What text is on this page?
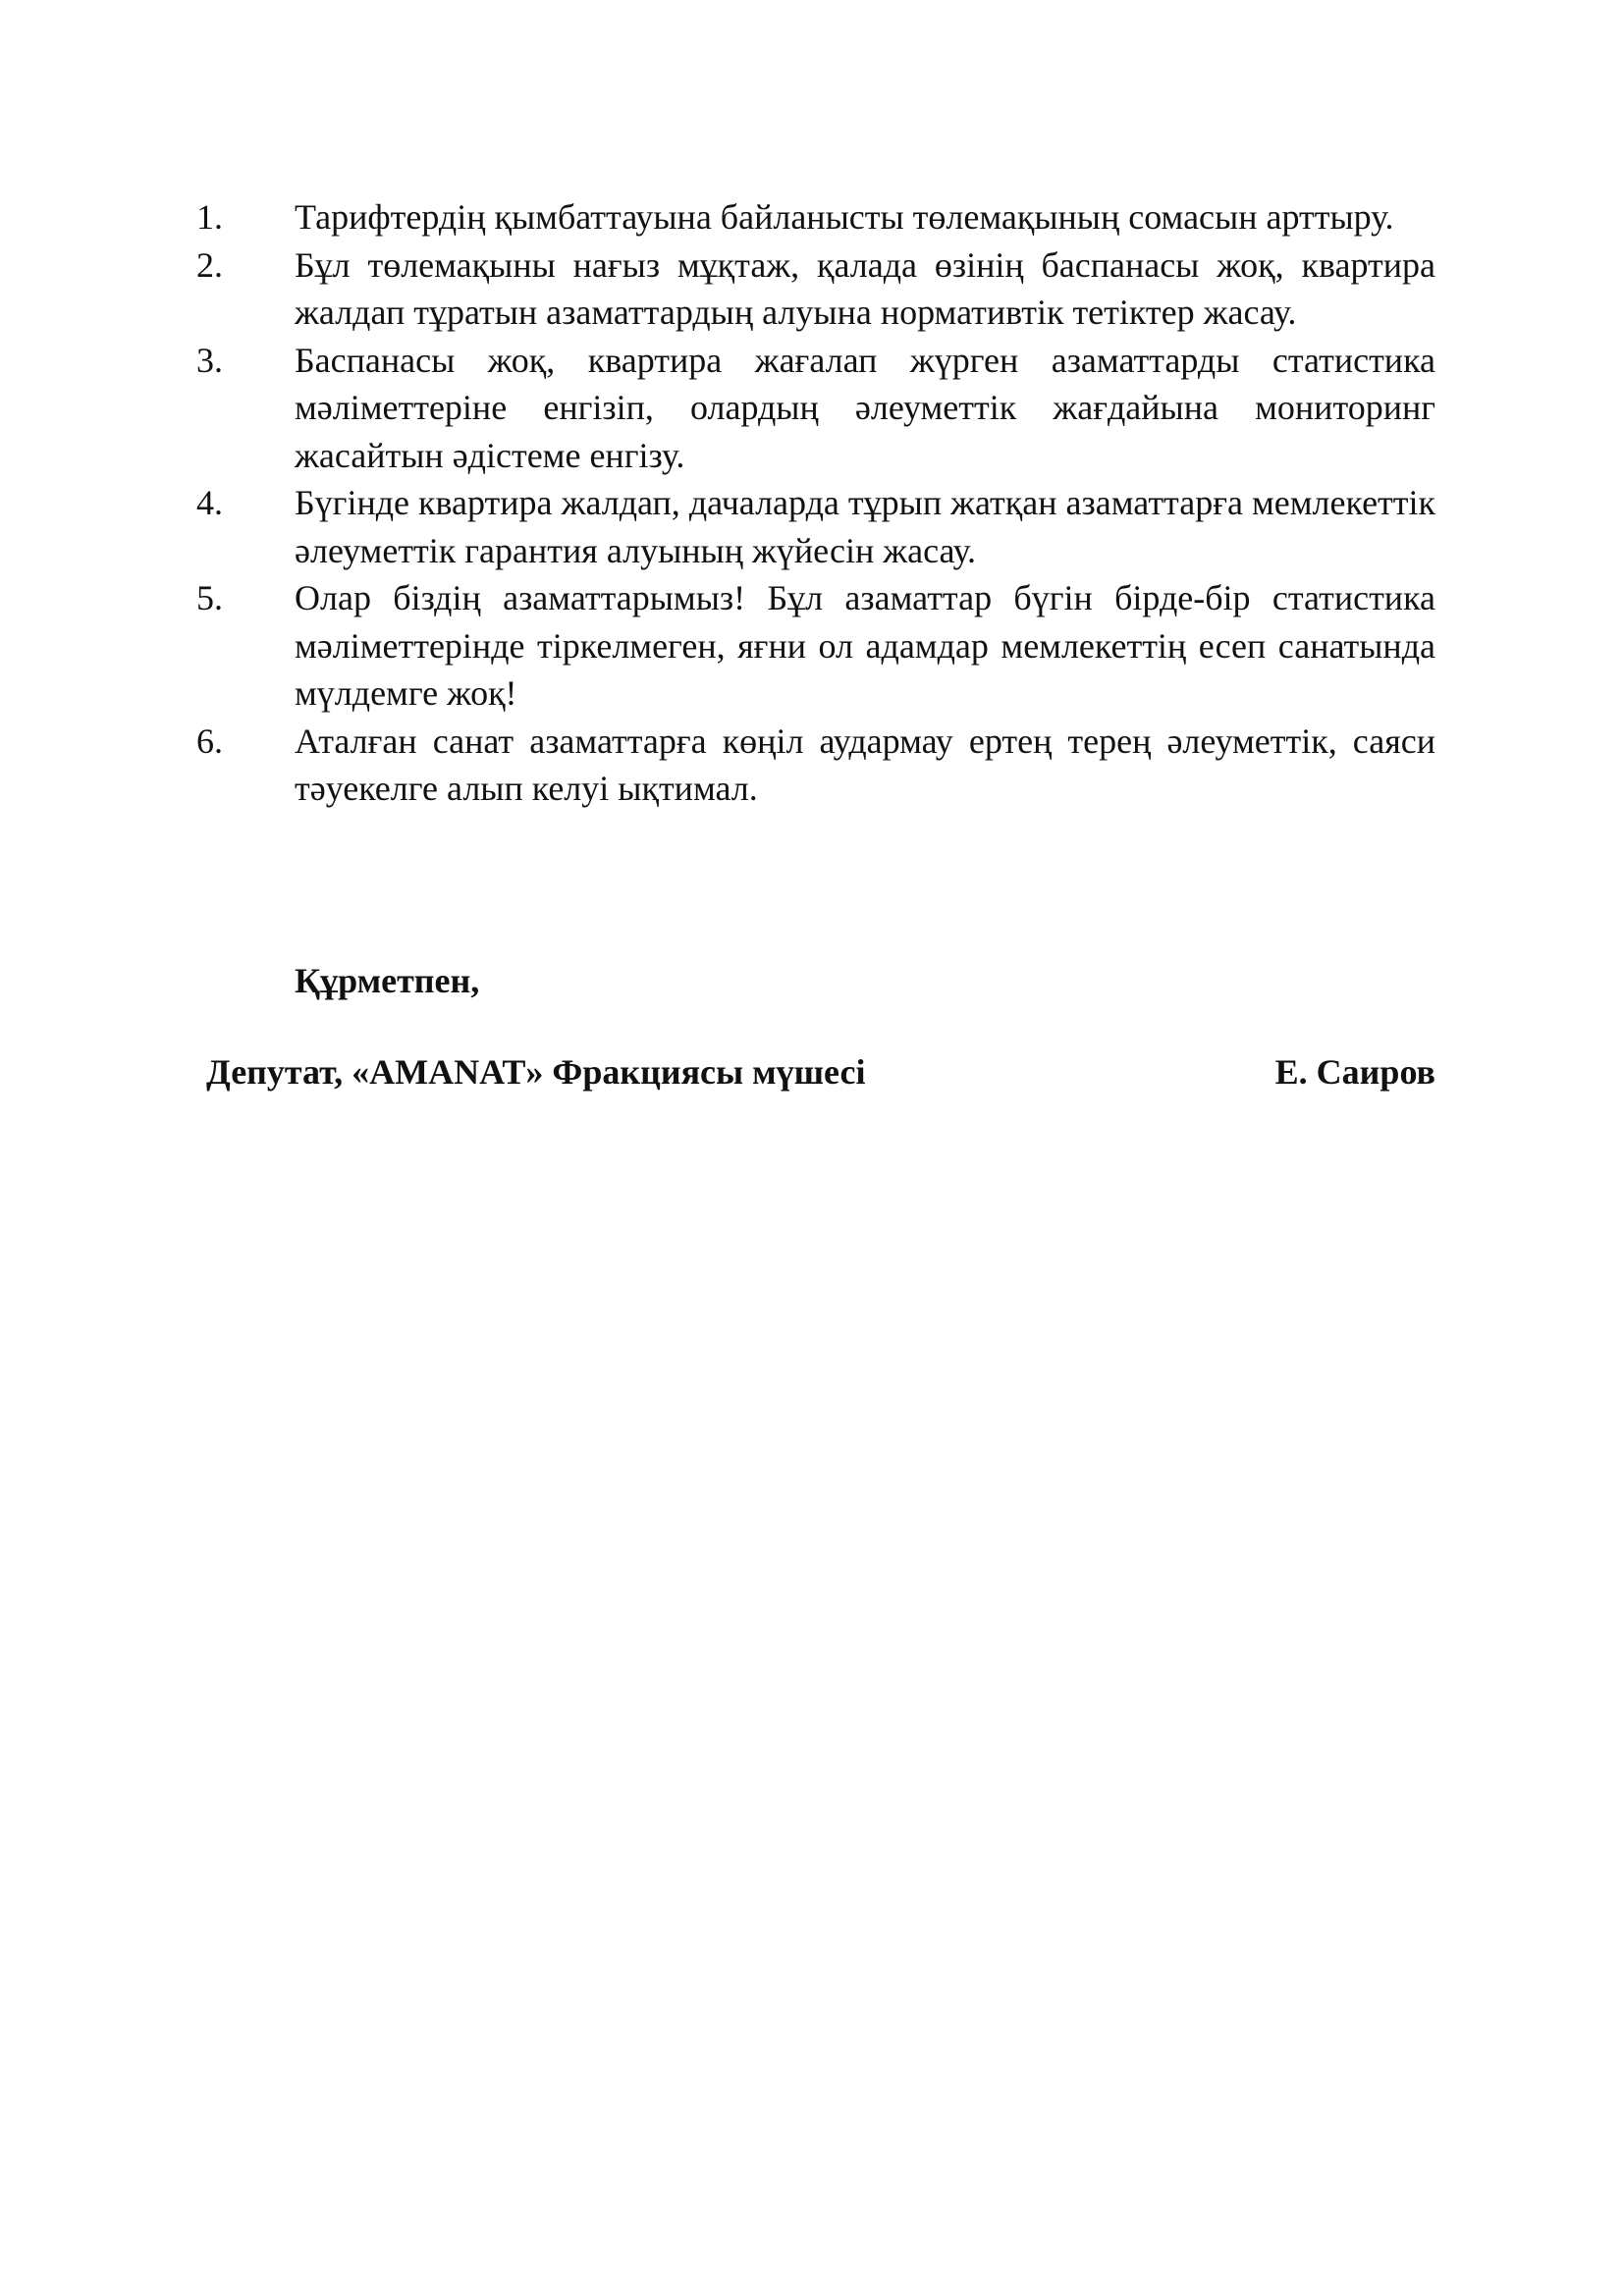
1.	Тарифтердің қымбаттауына байланысты төлемақының сомасын арттыру.
2.	Бұл төлемақыны нағыз мұқтаж, қалада өзінің баспанасы жоқ, квартира жалдап тұратын азаматтардың алуына нормативтік тетіктер жасау.
3.	Баспанасы жоқ, квартира жағалап жүрген азаматтарды статистика мәліметтеріне енгізіп, олардың әлеуметтік жағдайына мониторинг жасайтын әдістеме енгізу.
4.	Бүгінде квартира жалдап, дачаларда тұрып жатқан азаматтарға мемлекеттік әлеуметтік гарантия алуының жүйесін жасау.
5.	Олар біздің азаматтарымыз! Бұл азаматтар бүгін бірде-бір статистика мәліметтерінде тіркелмеген, яғни ол адамдар мемлекеттің есеп санатында мүлдемге жоқ!
6.	Аталған санат азаматтарға көңіл аудармау ертең терең әлеуметтік, саяси тәуекелге алып келуі ықтимал.
Құрметпен,
Депутат, «AMANAT» Фракциясы мүшесі	Е. Саиров
